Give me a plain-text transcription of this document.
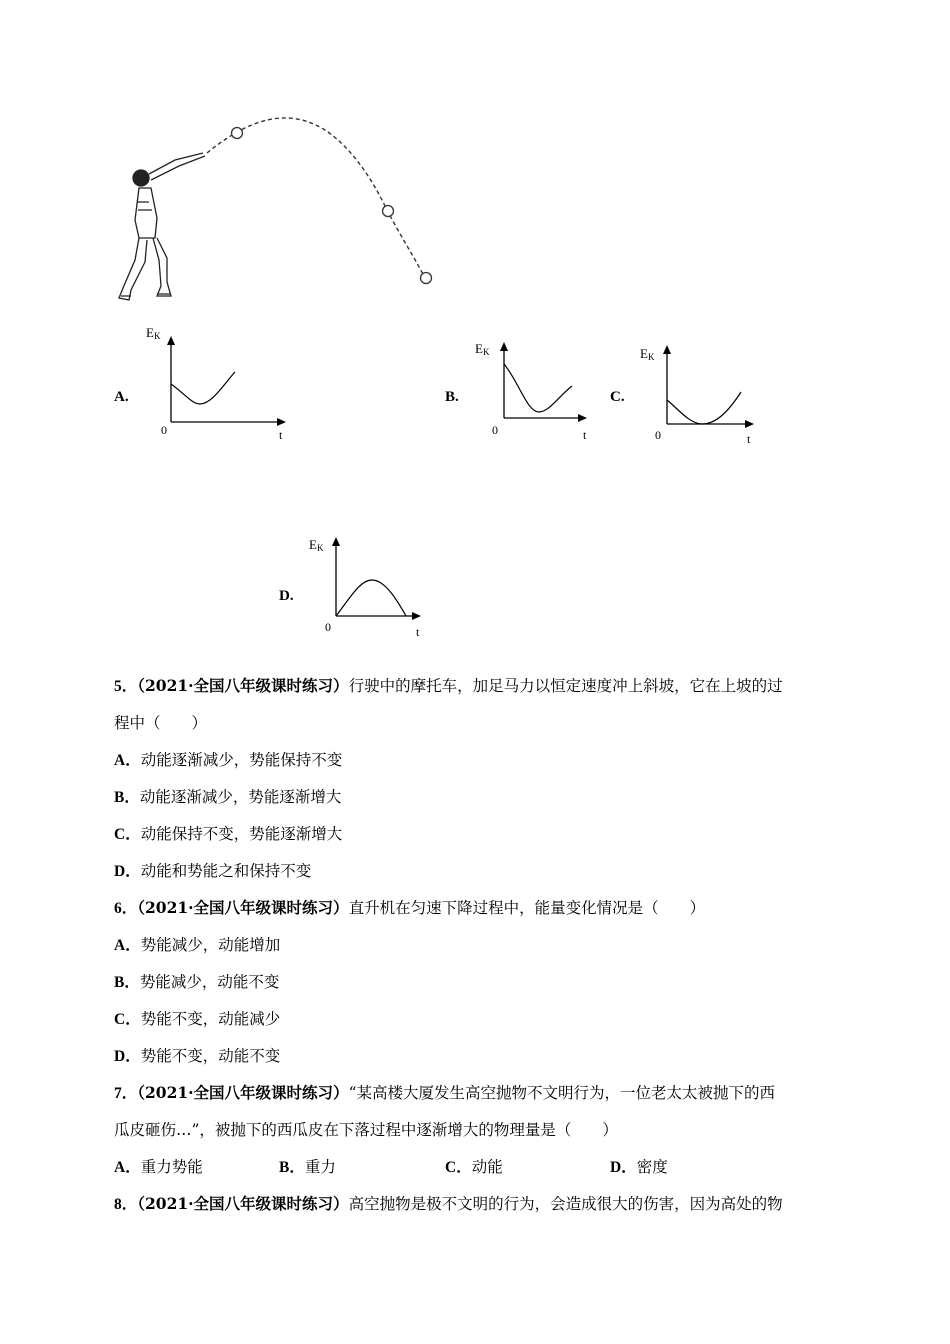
A.
EK
0	t
B.
EK
0	t
C.
EK
0	t
D.
EK
0	t
5．（2021·全国八年级课时练习）行驶中的摩托车，加足马力以恒定速度冲上斜坡，它在上坡的过
程中（　　）
A．动能逐渐减少，势能保持不变
B．动能逐渐减少，势能逐渐增大
C．动能保持不变，势能逐渐增大
D．动能和势能之和保持不变
6．（2021·全国八年级课时练习）直升机在匀速下降过程中，能量变化情况是（　　）
A．势能减少，动能增加
B．势能减少，动能不变
C．势能不变，动能减少
D．势能不变，动能不变
7．（2021·全国八年级课时练习）“某高楼大厦发生高空抛物不文明行为，一位老太太被抛下的西
瓜皮砸伤…”，被抛下的西瓜皮在下落过程中逐渐增大的物理量是（　　）
A．重力势能	B．重力	C．动能	D．密度
8．（2021·全国八年级课时练习）高空抛物是极不文明的行为，会造成很大的伤害，因为高处的物
